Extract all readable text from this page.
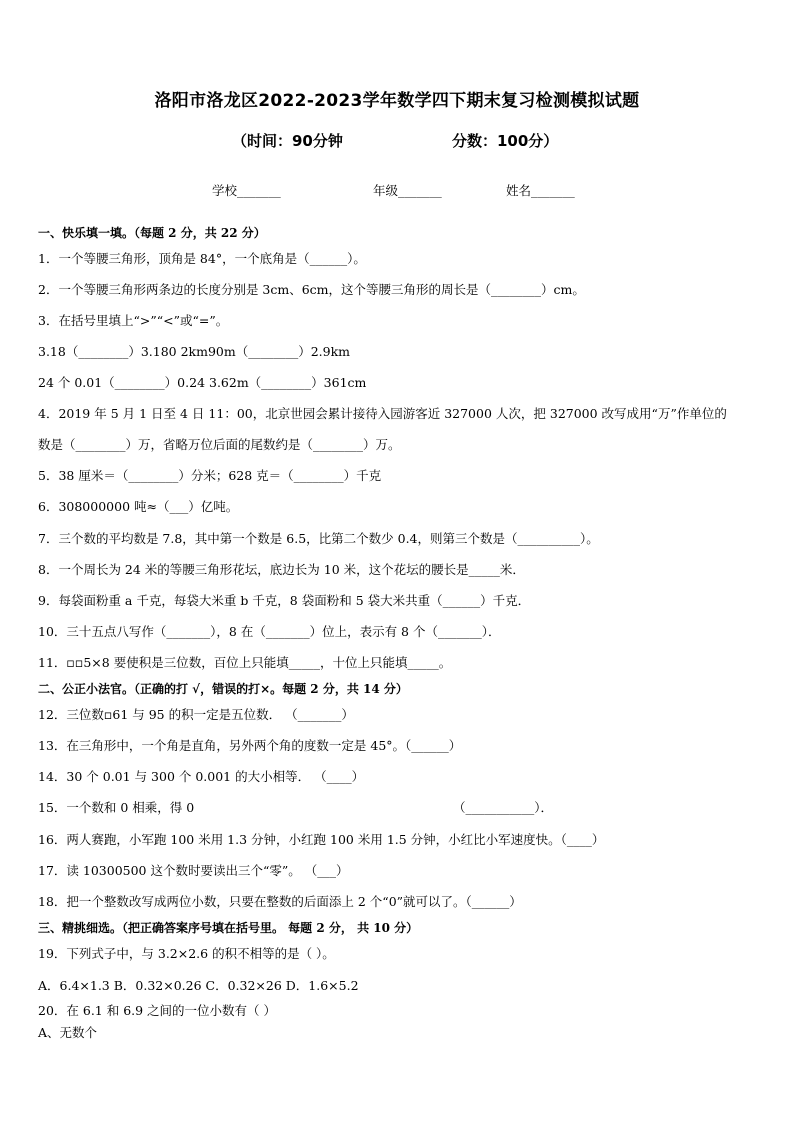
洛阳市洛龙区2022-2023学年数学四下期末复习检测模拟试题
（时间：90分钟	分数：100分）
学校_______	年级_______	姓名_______
一、快乐填一填。（每题 2 分，共 22 分）
1．一个等腰三角形，顶角是 84°，一个底角是（______）。
2．一个等腰三角形两条边的长度分别是 3cm、6cm，这个等腰三角形的周长是（________）cm。
3．在括号里填上“>”“<”或“=”。
3.18（________）3.180 2km90m（________）2.9km
24 个 0.01（________）0.24 3.62m（________）361cm
4．2019 年 5 月 1 日至 4 日 11：00，北京世园会累计接待入园游客近 327000 人次，把 327000 改写成用“万”作单位的
数是（________）万，省略万位后面的尾数约是（________）万。
5．38 厘米＝（________）分米；628 克＝（________）千克
6．308000000 吨≈（___）亿吨。
7．三个数的平均数是 7.8，其中第一个数是 6.5，比第二个数少 0.4，则第三个数是（__________）。
8．一个周长为 24 米的等腰三角形花坛，底边长为 10 米，这个花坛的腰长是_____米．
9．每袋面粉重 a 千克，每袋大米重 b 千克，8 袋面粉和 5 袋大米共重（______）千克．
10．三十五点八写作（_______），8 在（_______）位上，表示有 8 个（_______）．
11．▫▫5×8 要使积是三位数，百位上只能填_____，十位上只能填_____。
二、公正小法官。（正确的打 √，错误的打×。每题 2 分，共 14 分）
12．三位数▫61 与 95 的积一定是五位数． （_______）
13．在三角形中，一个角是直角，另外两个角的度数一定是 45°。（______）
14．30 个 0.01 与 300 个 0.001 的大小相等． （____）
15．一个数和 0 相乘，得 0	（___________）．
16．两人赛跑，小军跑 100 米用 1.3 分钟，小红跑 100 米用 1.5 分钟，小红比小军速度快。（____）
17．读 10300500 这个数时要读出三个“零”。 （___）
18．把一个整数改写成两位小数，只要在整数的后面添上 2 个“0”就可以了。（______）
三、精挑细选。（把正确答案序号填在括号里。 每题 2 分， 共 10 分）
19．下列式子中，与 3.2×2.6 的积不相等的是（ ）。
A．6.4×1.3 B．0.32×0.26 C．0.32×26 D．1.6×5.2
20．在 6.1 和 6.9 之间的一位小数有（ ）
A、无数个
